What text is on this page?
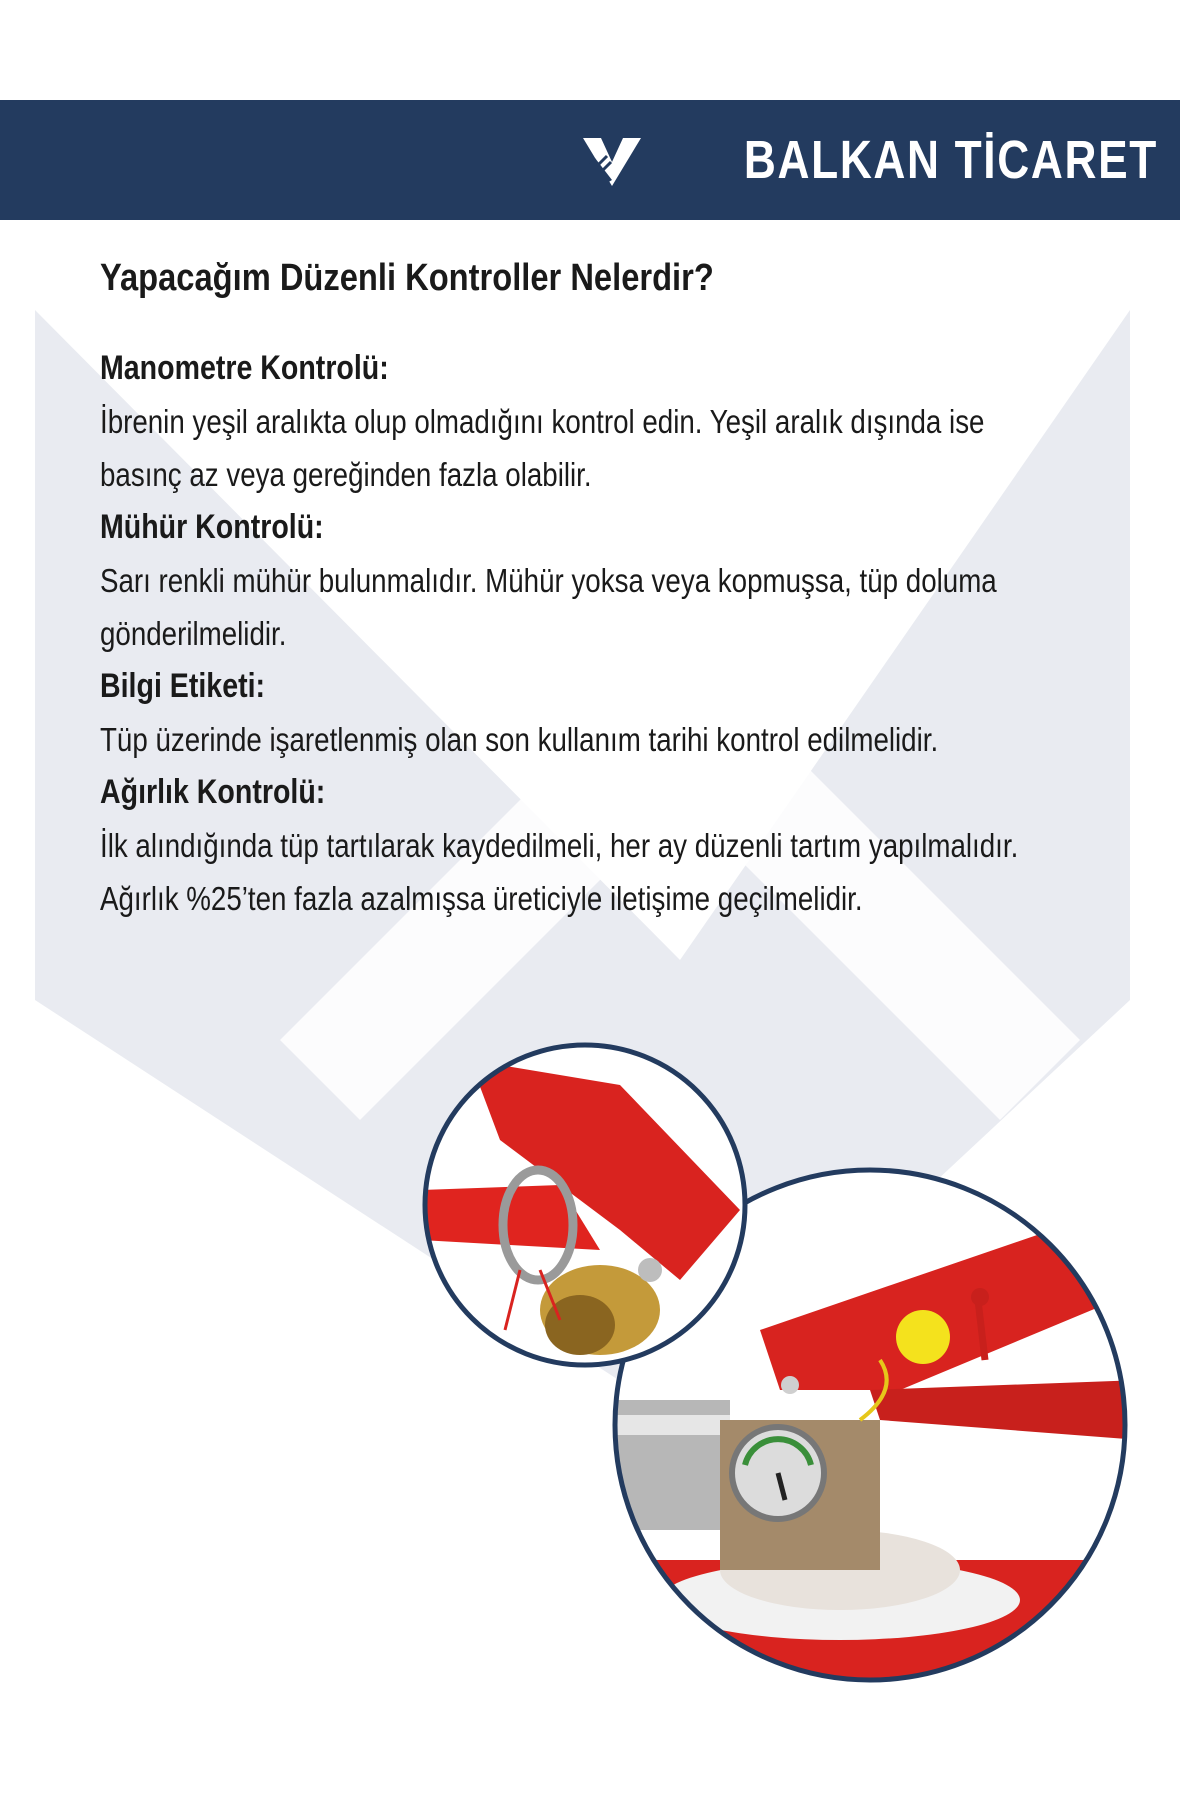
BALKAN TİCARET
Yapacağım Düzenli Kontroller Nelerdir?
Manometre Kontrolü:
İbrenin yeşil aralıkta olup olmadığını kontrol edin. Yeşil aralık dışında ise basınç az veya gereğinden fazla olabilir.
Mühür Kontrolü:
Sarı renkli mühür bulunmalıdır. Mühür yoksa veya kopmuşsa, tüp doluma gönderilmelidir.
Bilgi Etiketi:
Tüp üzerinde işaretlenmiş olan son kullanım tarihi kontrol edilmelidir.
Ağırlık Kontrolü:
İlk alındığında tüp tartılarak kaydedilmeli, her ay düzenli tartım yapılmalıdır. Ağırlık %25’ten fazla azalmışsa üreticiyle iletişime geçilmelidir.
